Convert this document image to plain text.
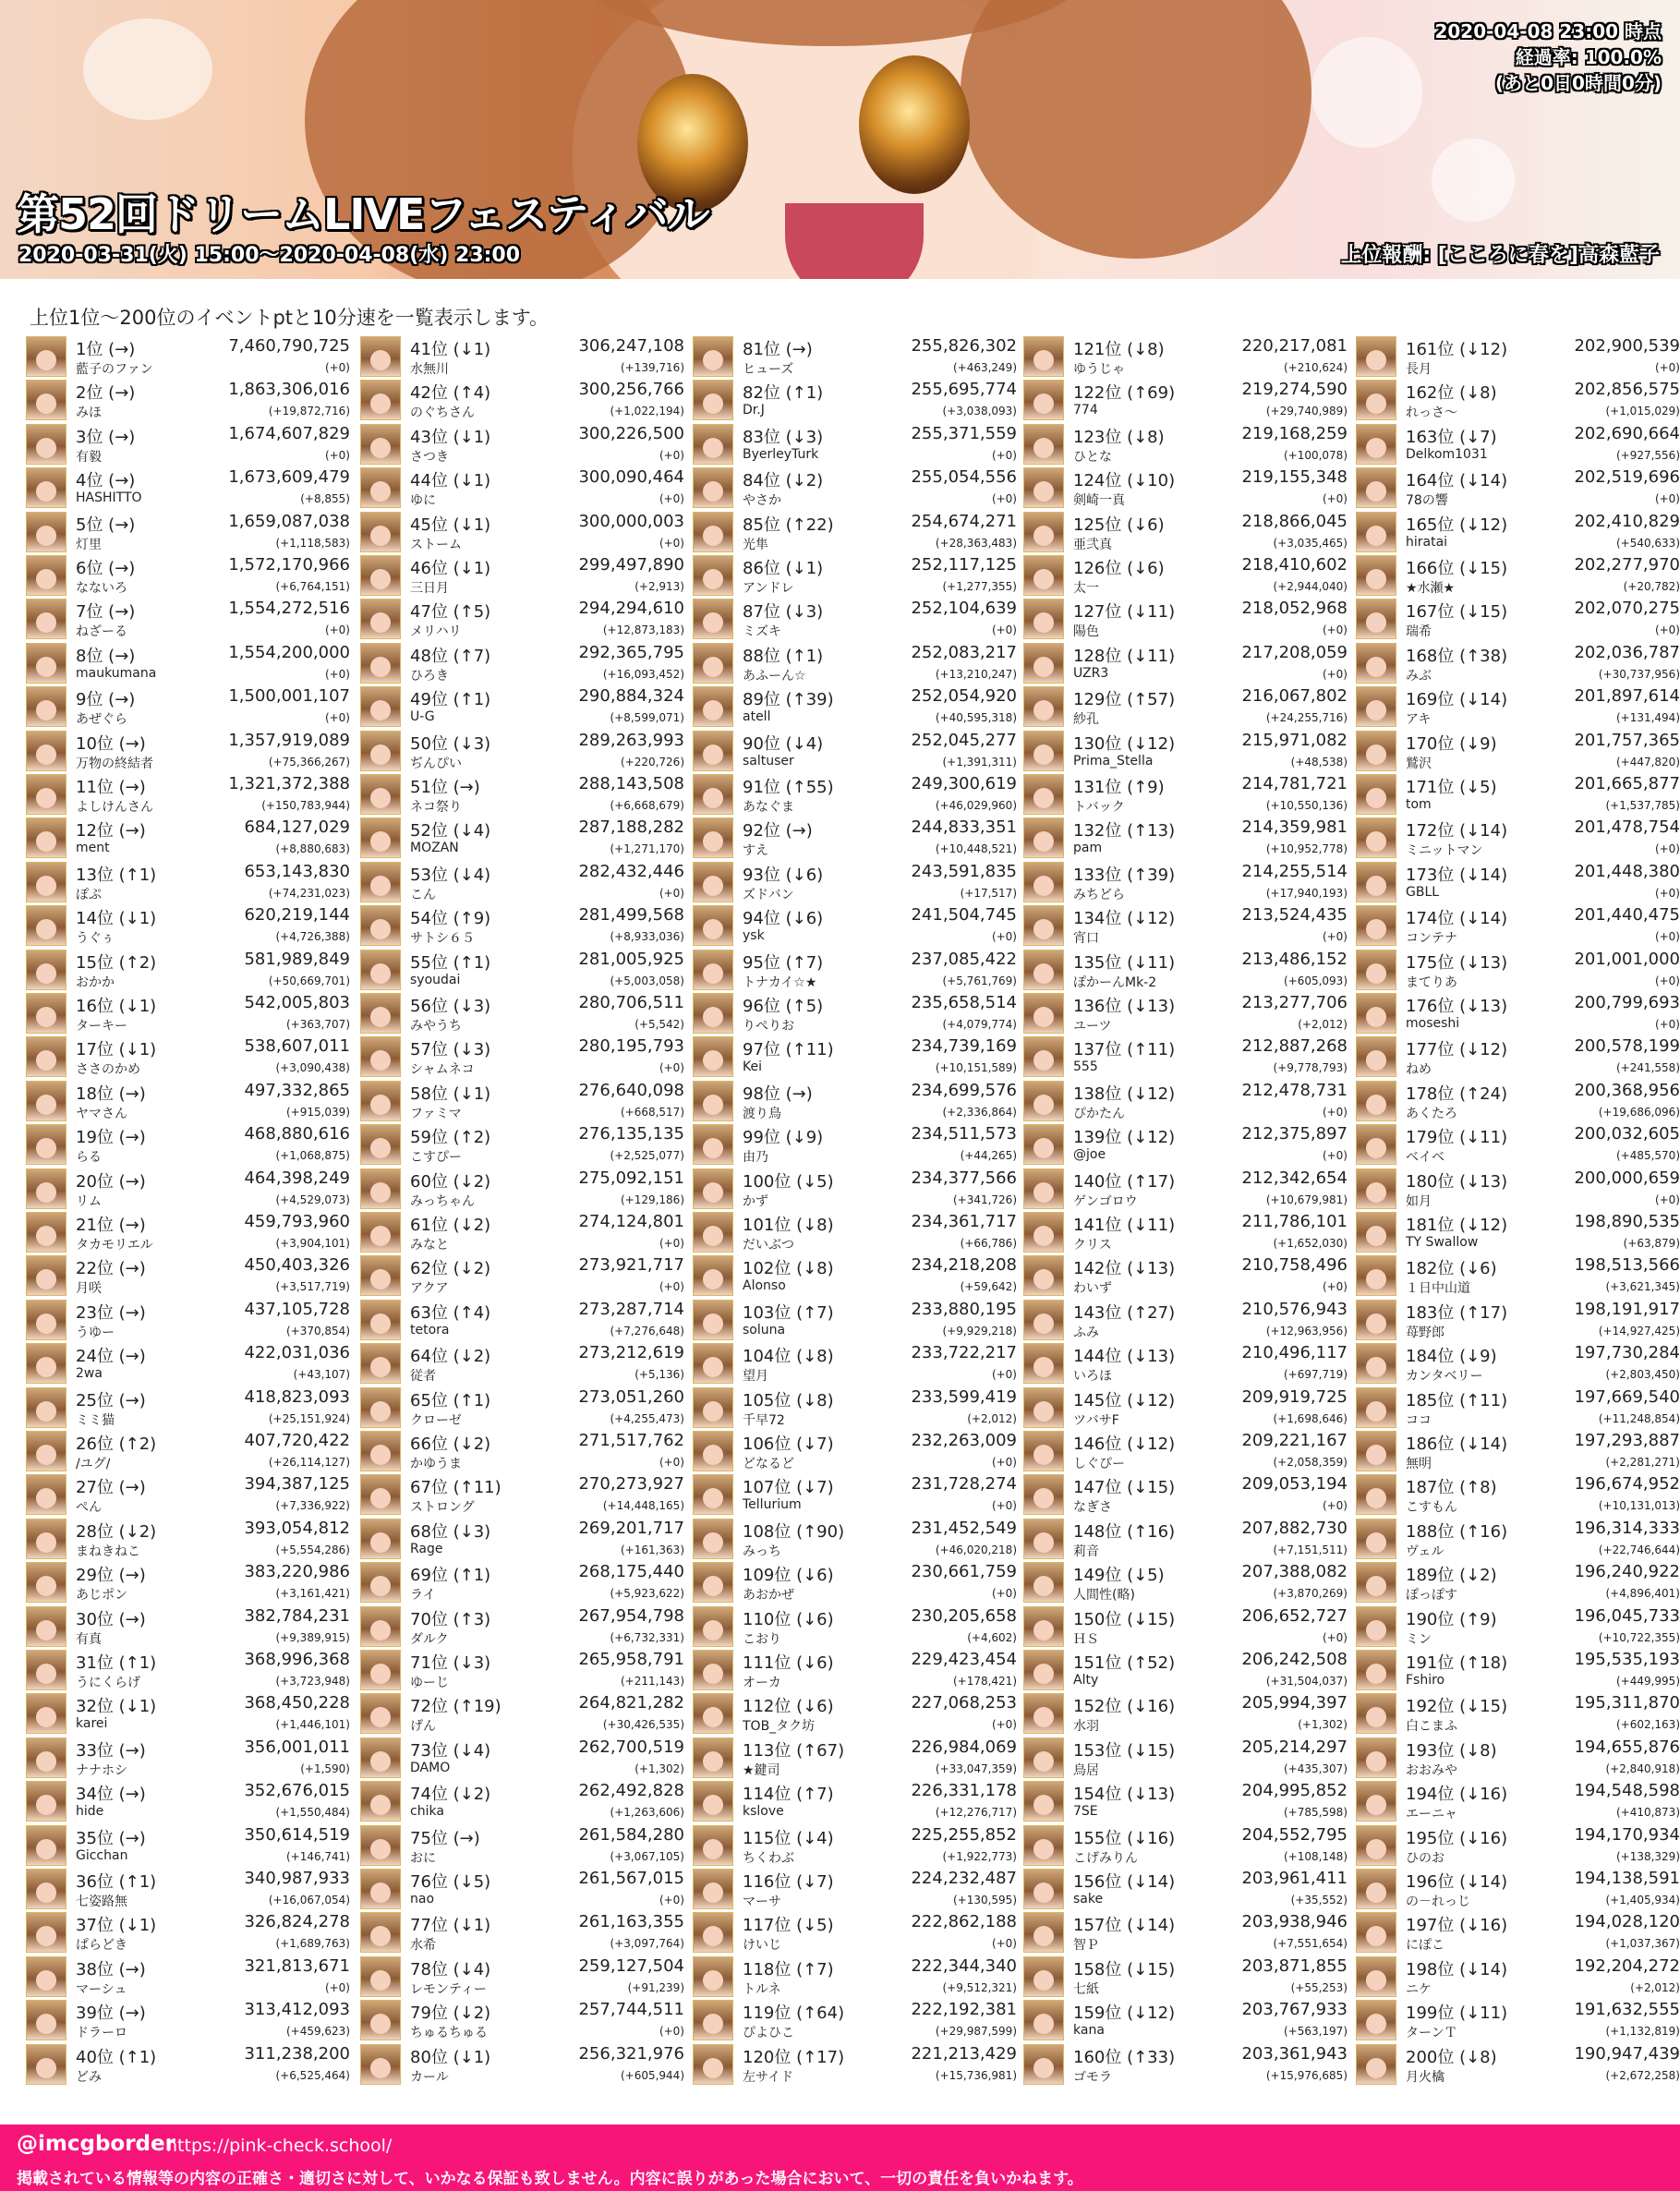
2020-04-08 23:00 時点
経過率: 100.0%
(あと0日0時間0分)
第52回ドリームLIVEフェスティバル
2020-03-31(火) 15:00～2020-04-08(水) 23:00	上位報酬: [こころに春を]高森藍子
上位1位～200位のイベントptと10分速を一覧表示します。
1位 (→)	7,460,790,725
藍子のファン	(+0)
2位 (→)	1,863,306,016
みほ	(+19,872,716)
3位 (→)	1,674,607,829
有毅	(+0)
4位 (→)	1,673,609,479
HASHITTO	(+8,855)
5位 (→)	1,659,087,038
灯里	(+1,118,583)
6位 (→)	1,572,170,966
なないろ	(+6,764,151)
7位 (→)	1,554,272,516
ねざーる	(+0)
8位 (→)	1,554,200,000
maukumana	(+0)
9位 (→)	1,500,001,107
あぜぐら	(+0)
10位 (→)	1,357,919,089
万物の終結者	(+75,366,267)
11位 (→)	1,321,372,388
よしけんさん	(+150,783,944)
12位 (→)	684,127,029
ment	(+8,880,683)
13位 (↑1)	653,143,830
ぽぷ	(+74,231,023)
14位 (↓1)	620,219,144
うぐぅ	(+4,726,388)
15位 (↑2)	581,989,849
おかか	(+50,669,701)
16位 (↓1)	542,005,803
ターキー	(+363,707)
17位 (↓1)	538,607,011
ささのかめ	(+3,090,438)
18位 (→)	497,332,865
ヤマさん	(+915,039)
19位 (→)	468,880,616
らる	(+1,068,875)
20位 (→)	464,398,249
リム	(+4,529,073)
21位 (→)	459,793,960
タカモリエル	(+3,904,101)
22位 (→)	450,403,326
月咲	(+3,517,719)
23位 (→)	437,105,728
うゆー	(+370,854)
24位 (→)	422,031,036
2wa	(+43,107)
25位 (→)	418,823,093
ミミ猫	(+25,151,924)
26位 (↑2)	407,720,422
/ユグ/	(+26,114,127)
27位 (→)	394,387,125
ぺん	(+7,336,922)
28位 (↓2)	393,054,812
まねきねこ	(+5,554,286)
29位 (→)	383,220,986
あじポン	(+3,161,421)
30位 (→)	382,784,231
有真	(+9,389,915)
31位 (↑1)	368,996,368
うにくらげ	(+3,723,948)
32位 (↓1)	368,450,228
karei	(+1,446,101)
33位 (→)	356,001,011
ナナホシ	(+1,590)
34位 (→)	352,676,015
hide	(+1,550,484)
35位 (→)	350,614,519
Gicchan	(+146,741)
36位 (↑1)	340,987,933
七姿路無	(+16,067,054)
37位 (↓1)	326,824,278
ぱらどき	(+1,689,763)
38位 (→)	321,813,671
マーシュ	(+0)
39位 (→)	313,412,093
ドラーロ	(+459,623)
40位 (↑1)	311,238,200
どみ	(+6,525,464)
41位 (↓1)	306,247,108
水無川	(+139,716)
42位 (↑4)	300,256,766
のぐちさん	(+1,022,194)
43位 (↓1)	300,226,500
さつき	(+0)
44位 (↓1)	300,090,464
ゆに	(+0)
45位 (↓1)	300,000,003
ストーム	(+0)
46位 (↓1)	299,497,890
三日月	(+2,913)
47位 (↑5)	294,294,610
メリハリ	(+12,873,183)
48位 (↑7)	292,365,795
ひろき	(+16,093,452)
49位 (↑1)	290,884,324
U-G	(+8,599,071)
50位 (↓3)	289,263,993
ぢんぴい	(+220,726)
51位 (→)	288,143,508
ネコ祭り	(+6,668,679)
52位 (↓4)	287,188,282
MOZAN	(+1,271,170)
53位 (↓4)	282,432,446
こん	(+0)
54位 (↑9)	281,499,568
サトシ６５	(+8,933,036)
55位 (↑1)	281,005,925
syoudai	(+5,003,058)
56位 (↓3)	280,706,511
みやうち	(+5,542)
57位 (↓3)	280,195,793
シャムネコ	(+0)
58位 (↓1)	276,640,098
ファミマ	(+668,517)
59位 (↑2)	276,135,135
こすぴー	(+2,525,077)
60位 (↓2)	275,092,151
みっちゃん	(+129,186)
61位 (↓2)	274,124,801
みなと	(+0)
62位 (↓2)	273,921,717
アクア	(+0)
63位 (↑4)	273,287,714
tetora	(+7,276,648)
64位 (↓2)	273,212,619
従者	(+5,136)
65位 (↑1)	273,051,260
クローゼ	(+4,255,473)
66位 (↓2)	271,517,762
かゆうま	(+0)
67位 (↑11)	270,273,927
ストロング	(+14,448,165)
68位 (↓3)	269,201,717
Rage	(+161,363)
69位 (↑1)	268,175,440
ライ	(+5,923,622)
70位 (↑3)	267,954,798
ダルク	(+6,732,331)
71位 (↓3)	265,958,791
ゆーじ	(+211,143)
72位 (↑19)	264,821,282
げん	(+30,426,535)
73位 (↓4)	262,700,519
DAMO	(+1,302)
74位 (↓2)	262,492,828
chika	(+1,263,606)
75位 (→)	261,584,280
おに	(+3,067,105)
76位 (↓5)	261,567,015
nao	(+0)
77位 (↓1)	261,163,355
水希	(+3,097,764)
78位 (↓4)	259,127,504
レモンティー	(+91,239)
79位 (↓2)	257,744,511
ちゅるちゅる	(+0)
80位 (↓1)	256,321,976
カール	(+605,944)
81位 (→)	255,826,302
ヒューズ	(+463,249)
82位 (↑1)	255,695,774
Dr.J	(+3,038,093)
83位 (↓3)	255,371,559
ByerleyTurk	(+0)
84位 (↓2)	255,054,556
やさか	(+0)
85位 (↑22)	254,674,271
光隼	(+28,363,483)
86位 (↓1)	252,117,125
アンドレ	(+1,277,355)
87位 (↓3)	252,104,639
ミズキ	(+0)
88位 (↑1)	252,083,217
あふーん☆	(+13,210,247)
89位 (↑39)	252,054,920
atell	(+40,595,318)
90位 (↓4)	252,045,277
saltuser	(+1,391,311)
91位 (↑55)	249,300,619
あなぐま	(+46,029,960)
92位 (→)	244,833,351
すえ	(+10,448,521)
93位 (↓6)	243,591,835
ズドバン	(+17,517)
94位 (↓6)	241,504,745
ysk	(+0)
95位 (↑7)	237,085,422
トナカイ☆★	(+5,761,769)
96位 (↑5)	235,658,514
りぺりお	(+4,079,774)
97位 (↑11)	234,739,169
Kei	(+10,151,589)
98位 (→)	234,699,576
渡り鳥	(+2,336,864)
99位 (↓9)	234,511,573
由乃	(+44,265)
100位 (↓5)	234,377,566
かず	(+341,726)
101位 (↓8)	234,361,717
だいぶつ	(+66,786)
102位 (↓8)	234,218,208
Alonso	(+59,642)
103位 (↑7)	233,880,195
soluna	(+9,929,218)
104位 (↓8)	233,722,217
望月	(+0)
105位 (↓8)	233,599,419
千早72	(+2,012)
106位 (↓7)	232,263,009
どなるど	(+0)
107位 (↓7)	231,728,274
Tellurium	(+0)
108位 (↑90)	231,452,549
みっち	(+46,020,218)
109位 (↓6)	230,661,759
あおかぜ	(+0)
110位 (↓6)	230,205,658
こおり	(+4,602)
111位 (↓6)	229,423,454
オーカ	(+178,421)
112位 (↓6)	227,068,253
TOB_タク坊	(+0)
113位 (↑67)	226,984,069
★鍵司	(+33,047,359)
114位 (↑7)	226,331,178
kslove	(+12,276,717)
115位 (↓4)	225,255,852
ちくわぶ	(+1,922,773)
116位 (↓7)	224,232,487
マーサ	(+130,595)
117位 (↓5)	222,862,188
けいじ	(+0)
118位 (↑7)	222,344,340
トルネ	(+9,512,321)
119位 (↑64)	222,192,381
ぴよひこ	(+29,987,599)
120位 (↑17)	221,213,429
左サイド	(+15,736,981)
121位 (↓8)	220,217,081
ゆうじゃ	(+210,624)
122位 (↑69)	219,274,590
774	(+29,740,989)
123位 (↓8)	219,168,259
ひとな	(+100,078)
124位 (↓10)	219,155,348
剣崎一真	(+0)
125位 (↓6)	218,866,045
亜弐真	(+3,035,465)
126位 (↓6)	218,410,602
太一	(+2,944,040)
127位 (↓11)	218,052,968
陽色	(+0)
128位 (↓11)	217,208,059
UZR3	(+0)
129位 (↑57)	216,067,802
紗孔	(+24,255,716)
130位 (↓12)	215,971,082
Prima_Stella	(+48,538)
131位 (↑9)	214,781,721
トバック	(+10,550,136)
132位 (↑13)	214,359,981
pam	(+10,952,778)
133位 (↑39)	214,255,514
みちどら	(+17,940,193)
134位 (↓12)	213,524,435
宵口	(+0)
135位 (↓11)	213,486,152
ぽかーんMk-2	(+605,093)
136位 (↓13)	213,277,706
ユーツ	(+2,012)
137位 (↑11)	212,887,268
555	(+9,778,793)
138位 (↓12)	212,478,731
ぴかたん	(+0)
139位 (↓12)	212,375,897
@joe	(+0)
140位 (↑17)	212,342,654
ゲンゴロウ	(+10,679,981)
141位 (↓11)	211,786,101
クリス	(+1,652,030)
142位 (↓13)	210,758,496
わいず	(+0)
143位 (↑27)	210,576,943
ふみ	(+12,963,956)
144位 (↓13)	210,496,117
いろほ	(+697,719)
145位 (↓12)	209,919,725
ツバサF	(+1,698,646)
146位 (↓12)	209,221,167
しぐぴー	(+2,058,359)
147位 (↓15)	209,053,194
なぎさ	(+0)
148位 (↑16)	207,882,730
莉音	(+7,151,511)
149位 (↓5)	207,388,082
人間性(略)	(+3,870,269)
150位 (↓15)	206,652,727
ＨＳ	(+0)
151位 (↑52)	206,242,508
Alty	(+31,504,037)
152位 (↓16)	205,994,397
水羽	(+1,302)
153位 (↓15)	205,214,297
鳥居	(+435,307)
154位 (↓13)	204,995,852
7SE	(+785,598)
155位 (↓16)	204,552,795
こげみりん	(+108,148)
156位 (↓14)	203,961,411
sake	(+35,552)
157位 (↓14)	203,938,946
智Ｐ	(+7,551,654)
158位 (↓15)	203,871,855
七紙	(+55,253)
159位 (↓12)	203,767,933
kana	(+563,197)
160位 (↑33)	203,361,943
ゴモラ	(+15,976,685)
161位 (↓12)	202,900,539
長月	(+0)
162位 (↓8)	202,856,575
れっさ～	(+1,015,029)
163位 (↓7)	202,690,664
Delkom1031	(+927,556)
164位 (↓14)	202,519,696
78の響	(+0)
165位 (↓12)	202,410,829
hiratai	(+540,633)
166位 (↓15)	202,277,970
★水瀬★	(+20,782)
167位 (↓15)	202,070,275
瑞希	(+0)
168位 (↑38)	202,036,787
みぶ	(+30,737,956)
169位 (↓14)	201,897,614
アキ	(+131,494)
170位 (↓9)	201,757,365
鷲沢	(+447,820)
171位 (↓5)	201,665,877
tom	(+1,537,785)
172位 (↓14)	201,478,754
ミニットマン	(+0)
173位 (↓14)	201,448,380
GBLL	(+0)
174位 (↓14)	201,440,475
コンテナ	(+0)
175位 (↓13)	201,001,000
まてりあ	(+0)
176位 (↓13)	200,799,693
moseshi	(+0)
177位 (↓12)	200,578,199
ねめ	(+241,558)
178位 (↑24)	200,368,956
あくたろ	(+19,686,096)
179位 (↓11)	200,032,605
ベイベ	(+485,570)
180位 (↓13)	200,000,659
如月	(+0)
181位 (↓12)	198,890,535
TY Swallow	(+63,879)
182位 (↓6)	198,513,566
１日中山道	(+3,621,345)
183位 (↑17)	198,191,917
苺野郎	(+14,927,425)
184位 (↓9)	197,730,284
カンタベリー	(+2,803,450)
185位 (↑11)	197,669,540
ココ	(+11,248,854)
186位 (↓14)	197,293,887
無明	(+2,281,271)
187位 (↑8)	196,674,952
こすもん	(+10,131,013)
188位 (↑16)	196,314,333
ヴェル	(+22,746,644)
189位 (↓2)	196,240,922
ぽっぽす	(+4,896,401)
190位 (↑9)	196,045,733
ミン	(+10,722,355)
191位 (↑18)	195,535,193
Fshiro	(+449,995)
192位 (↓15)	195,311,870
白こまふ	(+602,163)
193位 (↓8)	194,655,876
おおみや	(+2,840,918)
194位 (↓16)	194,548,598
エーニャ	(+410,873)
195位 (↓16)	194,170,934
ひのお	(+138,329)
196位 (↓14)	194,138,591
の－れっじ	(+1,405,934)
197位 (↓16)	194,028,120
にぽこ	(+1,037,367)
198位 (↓14)	192,204,272
ニケ	(+2,012)
199位 (↓11)	191,632,555
ターンＴ	(+1,132,819)
200位 (↓8)	190,947,439
月火檎	(+2,672,258)
@imcgborder
https://pink-check.school/
掲載されている情報等の内容の正確さ・適切さに対して、いかなる保証も致しません。内容に誤りがあった場合において、一切の責任を負いかねます。
